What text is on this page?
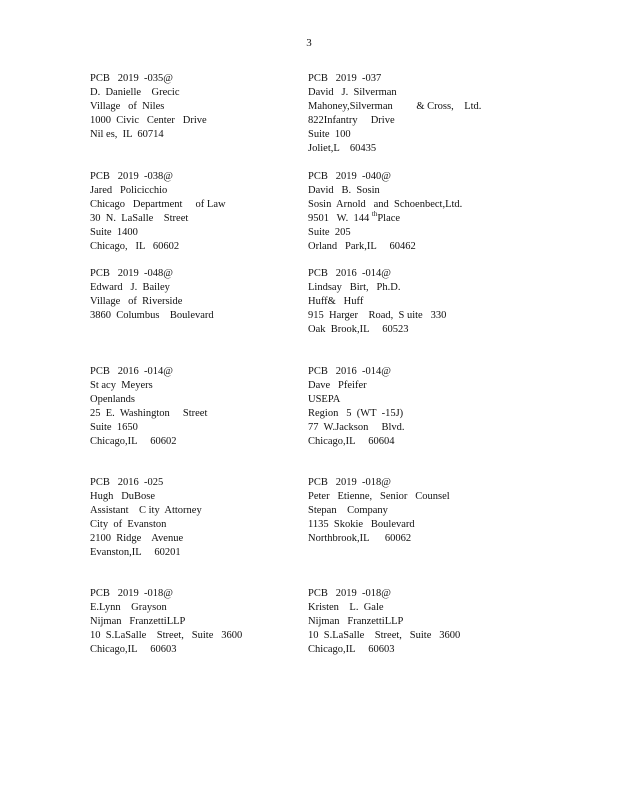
3
PCB   2019  -035@
D.  Danielle    Grecic
Village   of  Niles
1000  Civic   Center   Drive
Nil es,  IL  60714
PCB   2019  -037
David   J.  Silverman
Mahoney,Silverman         & Cross,    Ltd.
822Infantry     Drive
Suite  100
Joliet,L    60435
PCB   2019  -038@
Jared   Policicchio
Chicago   Department     of Law
30  N.  LaSalle    Street
Suite  1400
Chicago,   IL   60602
PCB   2019  -040@
David   B.  Sosin
Sosin  Arnold   and  Schoenbect,Ltd.
9501   W.  144 $^{th}$Place
Suite  205
Orland   Park,IL     60462
PCB   2019  -048@
Edward   J.  Bailey
Village   of  Riverside
3860  Columbus    Boulevard
PCB   2016  -014@
Lindsay   Birt,   Ph.D.
Huff&   Huff
915  Harger    Road,  S uite   330
Oak  Brook,IL     60523
PCB   2016  -014@
St acy  Meyers
Openlands
25  E.  Washington     Street
Suite  1650
Chicago,IL     60602
PCB   2016  -014@
Dave   Pfeifer
USEPA
Region   5  (WT  -15J)
77  W.Jackson     Blvd.
Chicago,IL     60604
PCB   2016  -025
Hugh   DuBose
Assistant    C ity  Attorney
City  of  Evanston
2100  Ridge    Avenue
Evanston,IL     60201
PCB   2019  -018@
Peter   Etienne,   Senior   Counsel
Stepan    Company
1135  Skokie   Boulevard
Northbrook,IL      60062
PCB   2019  -018@
E.Lynn    Grayson
Nijman   FranzettiLLP
10  S.LaSalle    Street,   Suite   3600
Chicago,IL     60603
PCB   2019  -018@
Kristen    L.  Gale
Nijman   FranzettiLLP
10  S.LaSalle    Street,   Suite   3600
Chicago,IL     60603
